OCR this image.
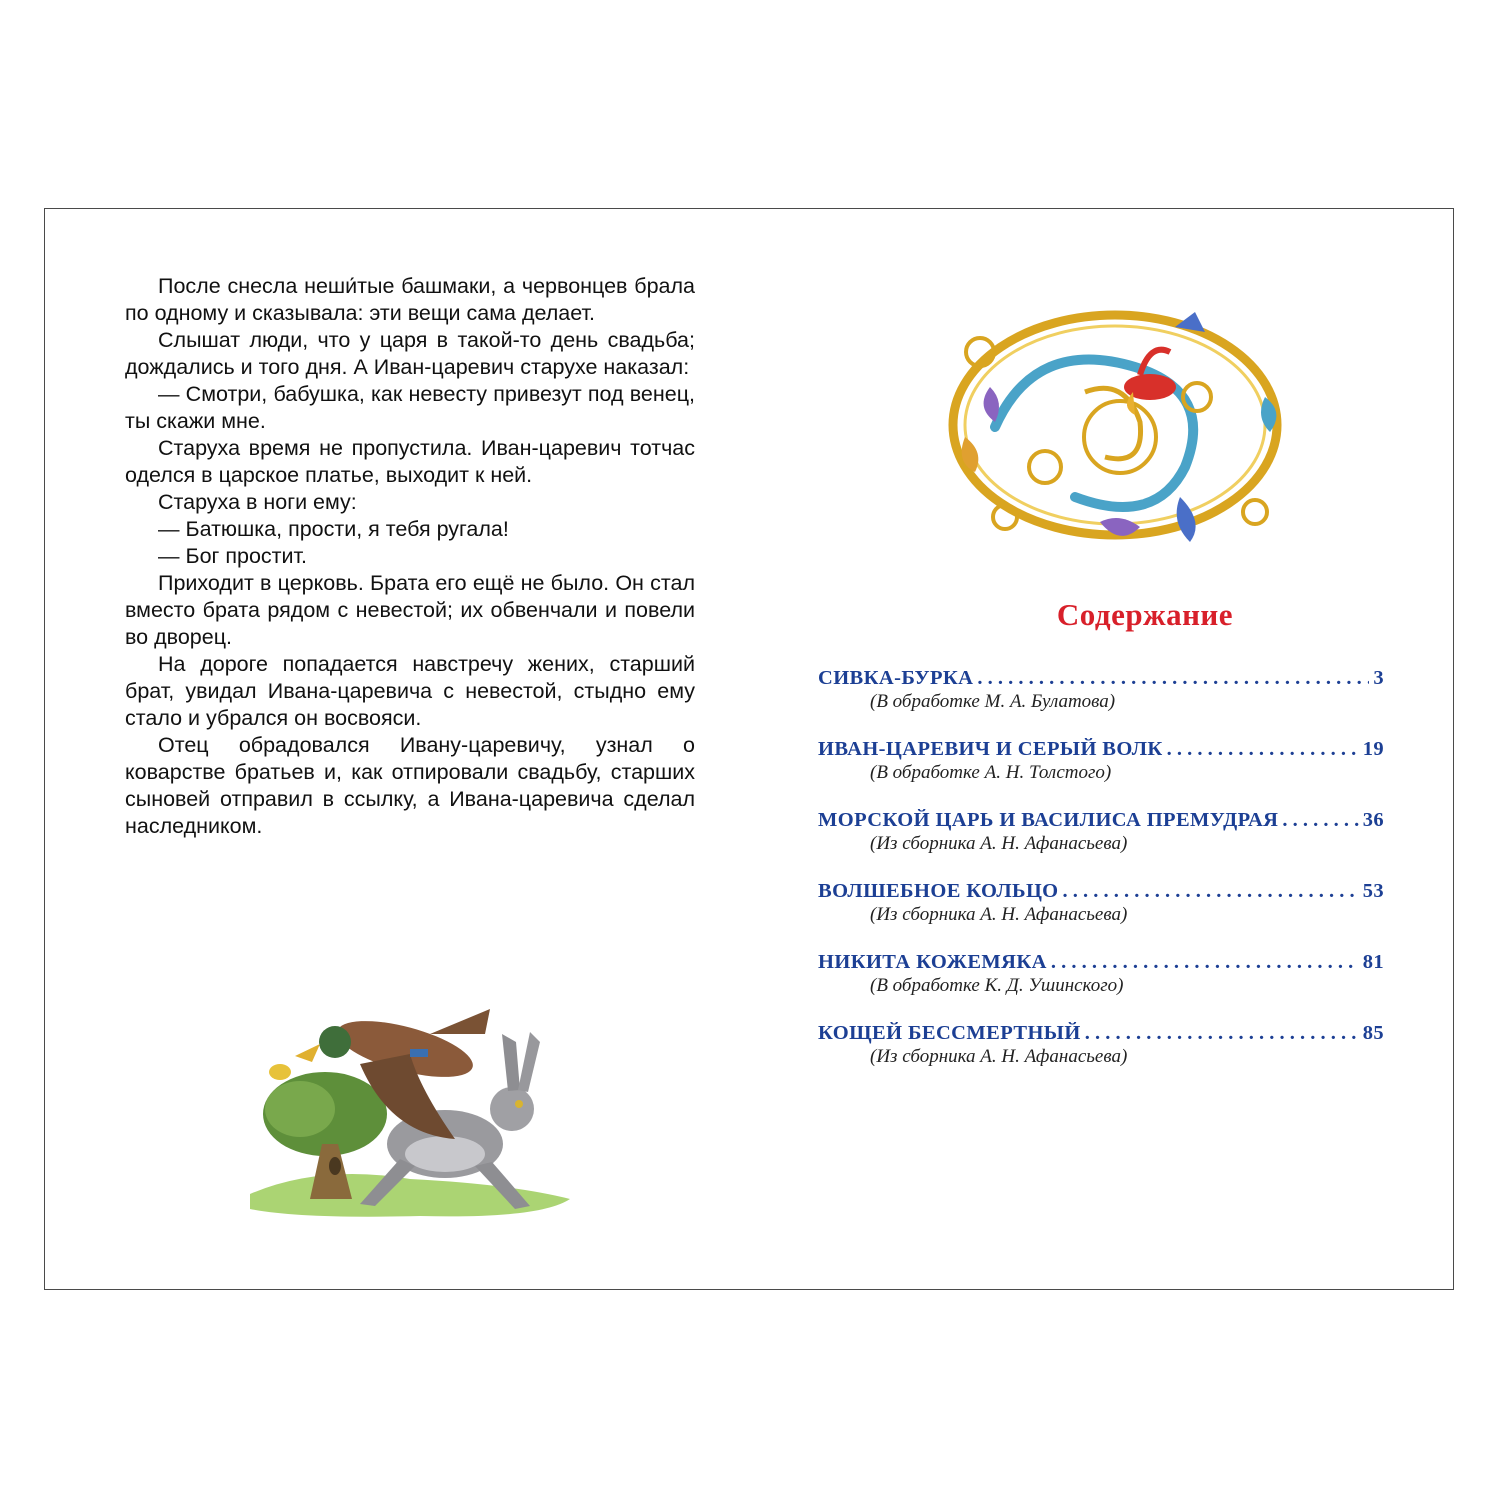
После снесла неши́тые башмаки, а червонцев брала по одному и сказывала: эти вещи сама делает.

Слышат люди, что у царя в такой-то день свадьба; дождались и того дня. А Иван-царевич старухе наказал:

— Смотри, бабушка, как невесту привезут под венец, ты скажи мне.

Старуха время не пропустила. Иван-царевич тотчас оделся в царское платье, выходит к ней.

Старуха в ноги ему:

— Батюшка, прости, я тебя ругала!

— Бог простит.

Приходит в церковь. Брата его ещё не было. Он стал вместо брата рядом с невестой; их обвенчали и повели во дворец.

На дороге попадается навстречу жених, старший брат, увидал Ивана-царевича с невестой, стыдно ему стало и убрался он восвояси.

Отец обрадовался Ивану-царевичу, узнал о коварстве братьев и, как отпировали свадьбу, старших сыновей отправил в ссылку, а Ивана-царевича сделал наследником.

Содержание
СИВКА-БУРКА . . .	3
(В обработке М. А. Булатова)
ИВАН-ЦАРЕВИЧ И СЕРЫЙ ВОЛК . . .	19
(В обработке А. Н. Толстого)
МОРСКОЙ ЦАРЬ И ВАСИЛИСА ПРЕМУДРАЯ . . .	36
(Из сборника А. Н. Афанасьева)
ВОЛШЕБНОЕ КОЛЬЦО . . .	53
(Из сборника А. Н. Афанасьева)
НИКИТА КОЖЕМЯКА . . .	81
(В обработке К. Д. Ушинского)
КОЩЕЙ БЕССМЕРТНЫЙ . . .	85
(Из сборника А. Н. Афанасьева)
